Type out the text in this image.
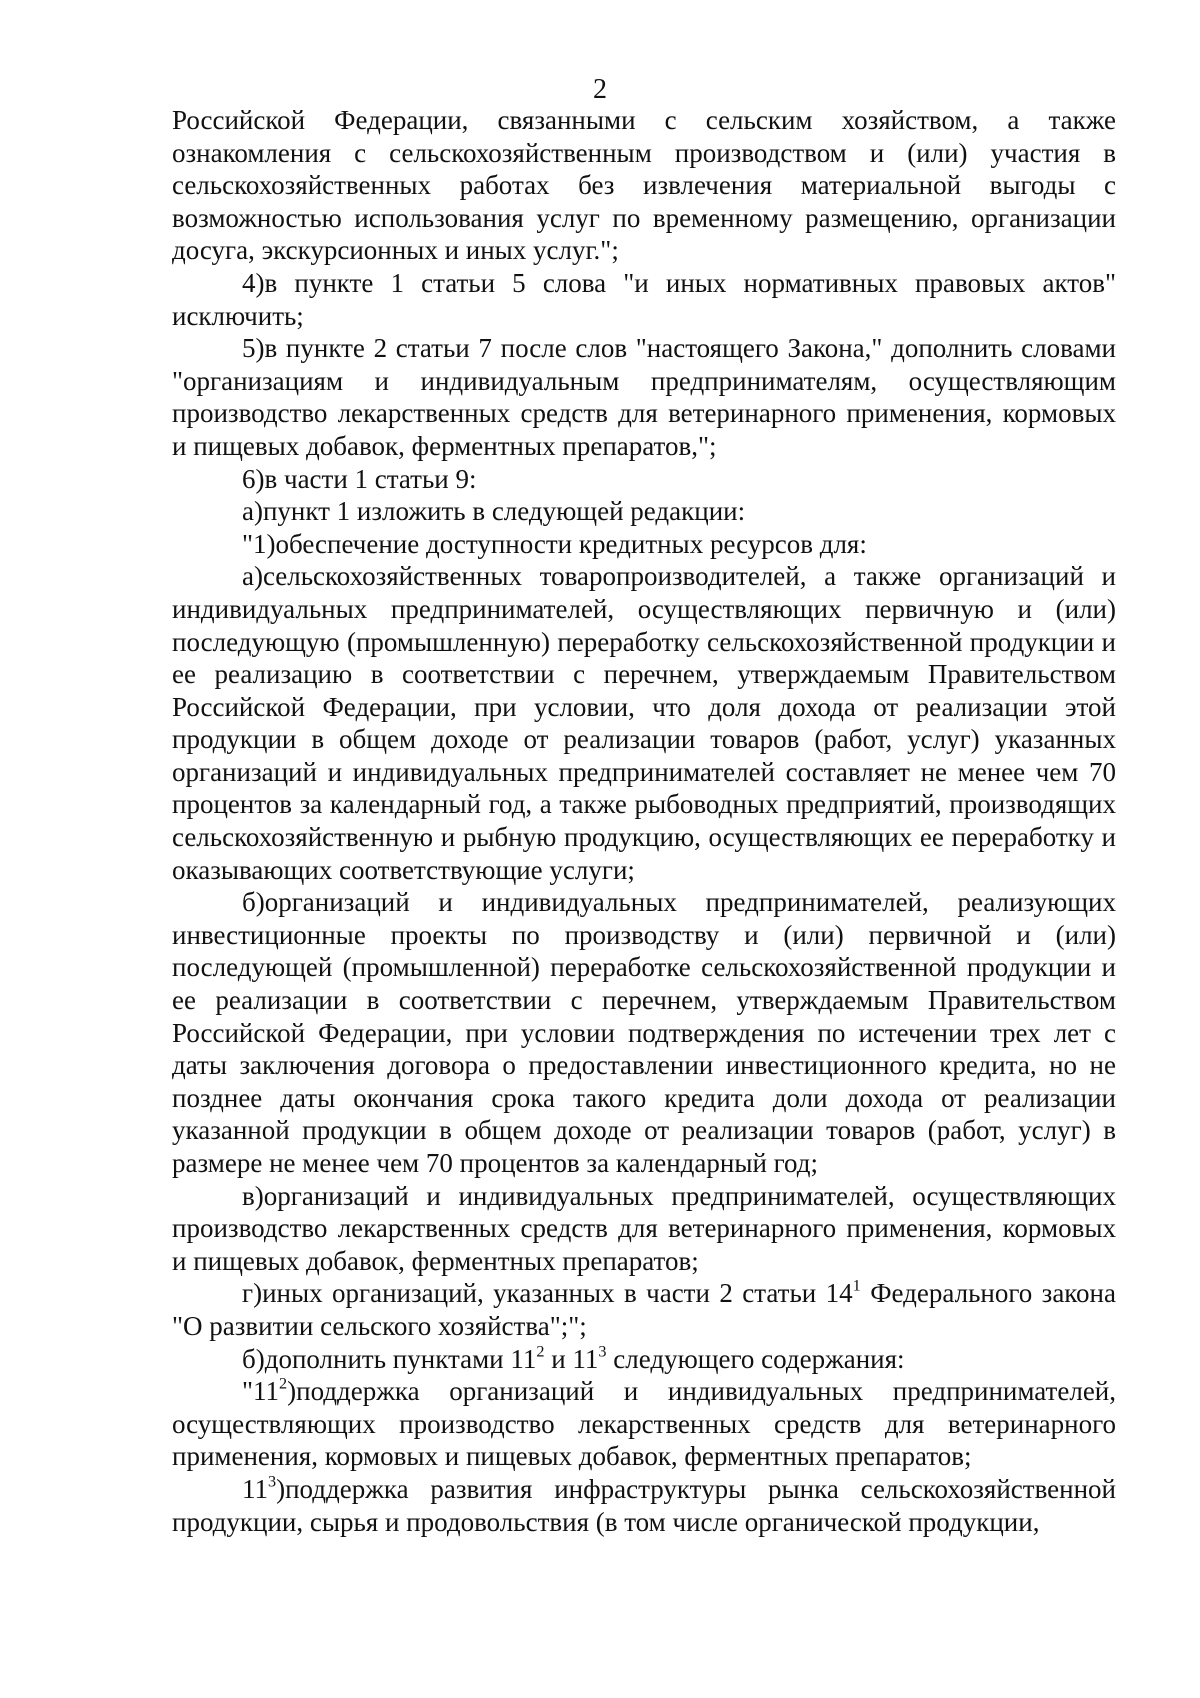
2

Российской Федерации, связанными с сельским хозяйством, а также ознакомления с сельскохозяйственным производством и (или) участия в сельскохозяйственных работах без извлечения материальной выгоды с возможностью использования услуг по временному размещению, организации досуга, экскурсионных и иных услуг.";

4)в пункте 1 статьи 5 слова "и иных нормативных правовых актов" исключить;

5)в пункте 2 статьи 7 после слов "настоящего Закона," дополнить словами "организациям и индивидуальным предпринимателям, осуществляющим производство лекарственных средств для ветеринарного применения, кормовых и пищевых добавок, ферментных препаратов,";

6)в части 1 статьи 9:

а)пункт 1 изложить в следующей редакции:

"1)обеспечение доступности кредитных ресурсов для:

а)сельскохозяйственных товаропроизводителей, а также организаций и индивидуальных предпринимателей, осуществляющих первичную и (или) последующую (промышленную) переработку сельскохозяйственной продукции и ее реализацию в соответствии с перечнем, утверждаемым Правительством Российской Федерации, при условии, что доля дохода от реализации этой продукции в общем доходе от реализации товаров (работ, услуг) указанных организаций и индивидуальных предпринимателей составляет не менее чем 70 процентов за календарный год, а также рыбоводных предприятий, производящих сельскохозяйственную и рыбную продукцию, осуществляющих ее переработку и оказывающих соответствующие услуги;

б)организаций и индивидуальных предпринимателей, реализующих инвестиционные проекты по производству и (или) первичной и (или) последующей (промышленной) переработке сельскохозяйственной продукции и ее реализации в соответствии с перечнем, утверждаемым Правительством Российской Федерации, при условии подтверждения по истечении трех лет с даты заключения договора о предоставлении инвестиционного кредита, но не позднее даты окончания срока такого кредита доли дохода от реализации указанной продукции в общем доходе от реализации товаров (работ, услуг) в размере не менее чем 70 процентов за календарный год;

в)организаций и индивидуальных предпринимателей, осуществляющих производство лекарственных средств для ветеринарного применения, кормовых и пищевых добавок, ферментных препаратов;

г)иных организаций, указанных в части 2 статьи $14^1$ Федерального закона "О развитии сельского хозяйства";";

б)дополнить пунктами $11^2$ и $11^3$ следующего содержания:

"$11^2)поддержка$ организаций и индивидуальных предпринимателей, осуществляющих производство лекарственных средств для ветеринарного применения, кормовых и пищевых добавок, ферментных препаратов;

$11^3)поддержка$ развития инфраструктуры рынка сельскохозяйственной продукции, сырья и продовольствия (в том числе органической продукции,
